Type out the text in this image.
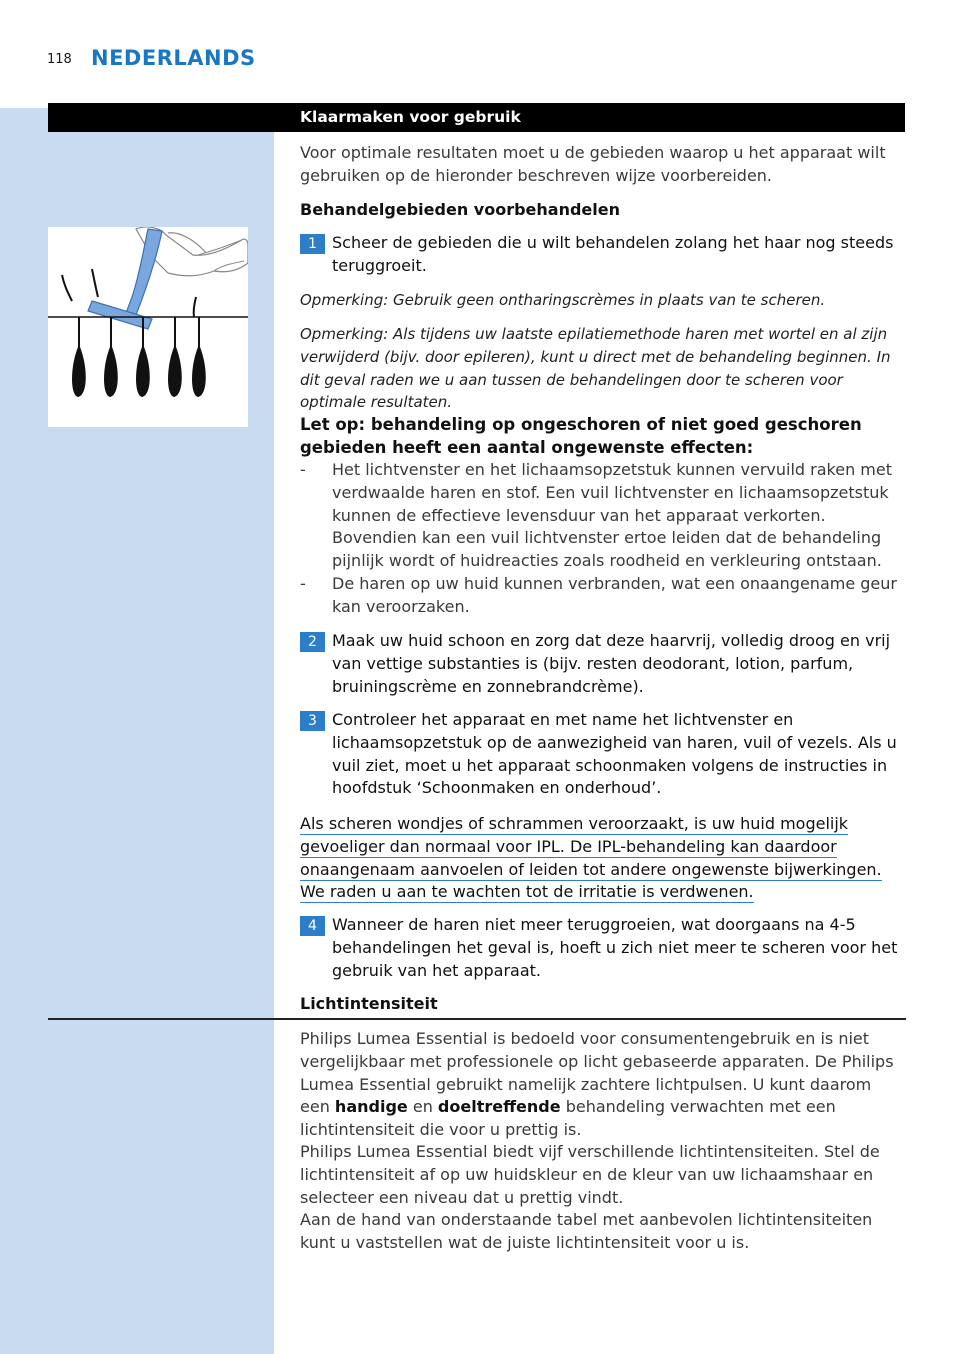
118 NEDERLANDS
Klaarmaken voor gebruik
Voor optimale resultaten moet u de gebieden waarop u het apparaat wilt gebruiken op de hieronder beschreven wijze voorbereiden.
Behandelgebieden voorbehandelen
1 Scheer de gebieden die u wilt behandelen zolang het haar nog steeds teruggroeit.
Opmerking: Gebruik geen ontharingscrèmes in plaats van te scheren.
Opmerking: Als tijdens uw laatste epilatiemethode haren met wortel en al zijn verwijderd (bijv. door epileren), kunt u direct met de behandeling beginnen. In dit geval raden we u aan tussen de behandelingen door te scheren voor optimale resultaten.
Let op: behandeling op ongeschoren of niet goed geschoren gebieden heeft een aantal ongewenste effecten:
- Het lichtvenster en het lichaamsopzetstuk kunnen vervuild raken met verdwaalde haren en stof. Een vuil lichtvenster en lichaamsopzetstuk kunnen de effectieve levensduur van het apparaat verkorten. Bovendien kan een vuil lichtvenster ertoe leiden dat de behandeling pijnlijk wordt of huidreacties zoals roodheid en verkleuring ontstaan.
- De haren op uw huid kunnen verbranden, wat een onaangename geur kan veroorzaken.
2 Maak uw huid schoon en zorg dat deze haarvrij, volledig droog en vrij van vettige substanties is (bijv. resten deodorant, lotion, parfum, bruiningscrème en zonnebrandcrème).
3 Controleer het apparaat en met name het lichtvenster en lichaamsopzetstuk op de aanwezigheid van haren, vuil of vezels. Als u vuil ziet, moet u het apparaat schoonmaken volgens de instructies in hoofdstuk ‘Schoonmaken en onderhoud’.
Als scheren wondjes of schrammen veroorzaakt, is uw huid mogelijk
gevoeliger dan normaal voor IPL. De IPL-behandeling kan daardoor
onaangenaam aanvoelen of leiden tot andere ongewenste bijwerkingen.
We raden u aan te wachten tot de irritatie is verdwenen.
4 Wanneer de haren niet meer teruggroeien, wat doorgaans na 4-5 behandelingen het geval is, hoeft u zich niet meer te scheren voor het gebruik van het apparaat.
Lichtintensiteit
Philips Lumea Essential is bedoeld voor consumentengebruik en is niet vergelijkbaar met professionele op licht gebaseerde apparaten. De Philips Lumea Essential gebruikt namelijk zachtere lichtpulsen. U kunt daarom een handige en doeltreffende behandeling verwachten met een lichtintensiteit die voor u prettig is.
Philips Lumea Essential biedt vijf verschillende lichtintensiteiten. Stel de lichtintensiteit af op uw huidskleur en de kleur van uw lichaamshaar en selecteer een niveau dat u prettig vindt.
Aan de hand van onderstaande tabel met aanbevolen lichtintensiteiten kunt u vaststellen wat de juiste lichtintensiteit voor u is.
